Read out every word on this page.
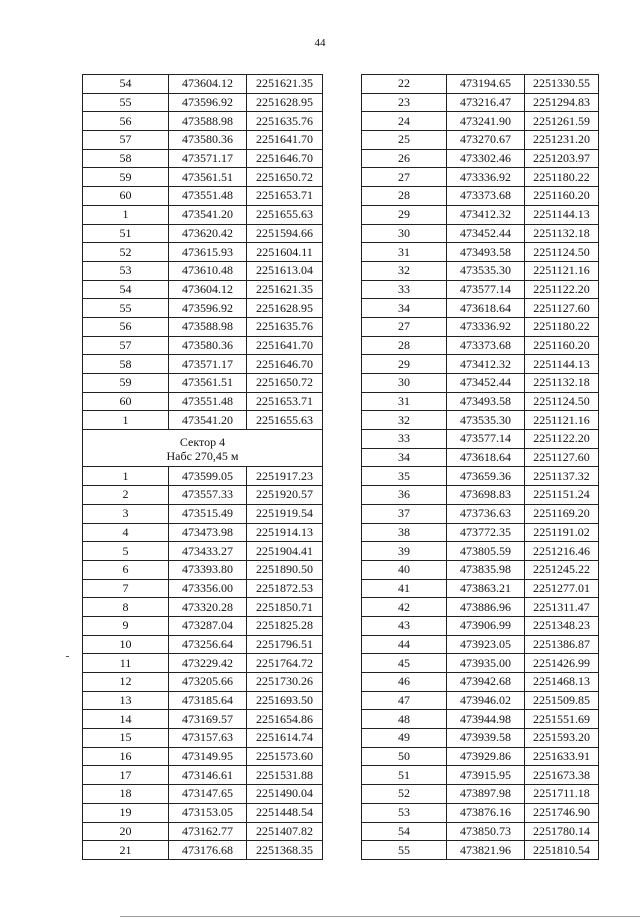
44
54	473604.12	2251621.35
55	473596.92	2251628.95
56	473588.98	2251635.76
57	473580.36	2251641.70
58	473571.17	2251646.70
59	473561.51	2251650.72
60	473551.48	2251653.71
1	473541.20	2251655.63
51	473620.42	2251594.66
52	473615.93	2251604.11
53	473610.48	2251613.04
54	473604.12	2251621.35
55	473596.92	2251628.95
56	473588.98	2251635.76
57	473580.36	2251641.70
58	473571.17	2251646.70
59	473561.51	2251650.72
60	473551.48	2251653.71
1	473541.20	2251655.63

Сектор 4
Набс 270,45 м		

1	473599.05	2251917.23
2	473557.33	2251920.57
3	473515.49	2251919.54
4	473473.98	2251914.13
5	473433.27	2251904.41
6	473393.80	2251890.50
7	473356.00	2251872.53
8	473320.28	2251850.71
9	473287.04	2251825.28
10	473256.64	2251796.51
11	473229.42	2251764.72
12	473205.66	2251730.26
13	473185.64	2251693.50
14	473169.57	2251654.86
15	473157.63	2251614.74
16	473149.95	2251573.60
17	473146.61	2251531.88
18	473147.65	2251490.04
19	473153.05	2251448.54
20	473162.77	2251407.82
21	473176.68	2251368.35
22	473194.65	2251330.55
23	473216.47	2251294.83
24	473241.90	2251261.59
25	473270.67	2251231.20
26	473302.46	2251203.97
27	473336.92	2251180.22
28	473373.68	2251160.20
29	473412.32	2251144.13
30	473452.44	2251132.18
31	473493.58	2251124.50
32	473535.30	2251121.16
33	473577.14	2251122.20
34	473618.64	2251127.60
27	473336.92	2251180.22
28	473373.68	2251160.20
29	473412.32	2251144.13
30	473452.44	2251132.18
31	473493.58	2251124.50
32	473535.30	2251121.16
33	473577.14	2251122.20
34	473618.64	2251127.60
35	473659.36	2251137.32
36	473698.83	2251151.24
37	473736.63	2251169.20
38	473772.35	2251191.02
39	473805.59	2251216.46
40	473835.98	2251245.22
41	473863.21	2251277.01
42	473886.96	2251311.47
43	473906.99	2251348.23
44	473923.05	2251386.87
45	473935.00	2251426.99
46	473942.68	2251468.13
47	473946.02	2251509.85
48	473944.98	2251551.69
49	473939.58	2251593.20
50	473929.86	2251633.91
51	473915.95	2251673.38
52	473897.98	2251711.18
53	473876.16	2251746.90
54	473850.73	2251780.14
55	473821.96	2251810.54
